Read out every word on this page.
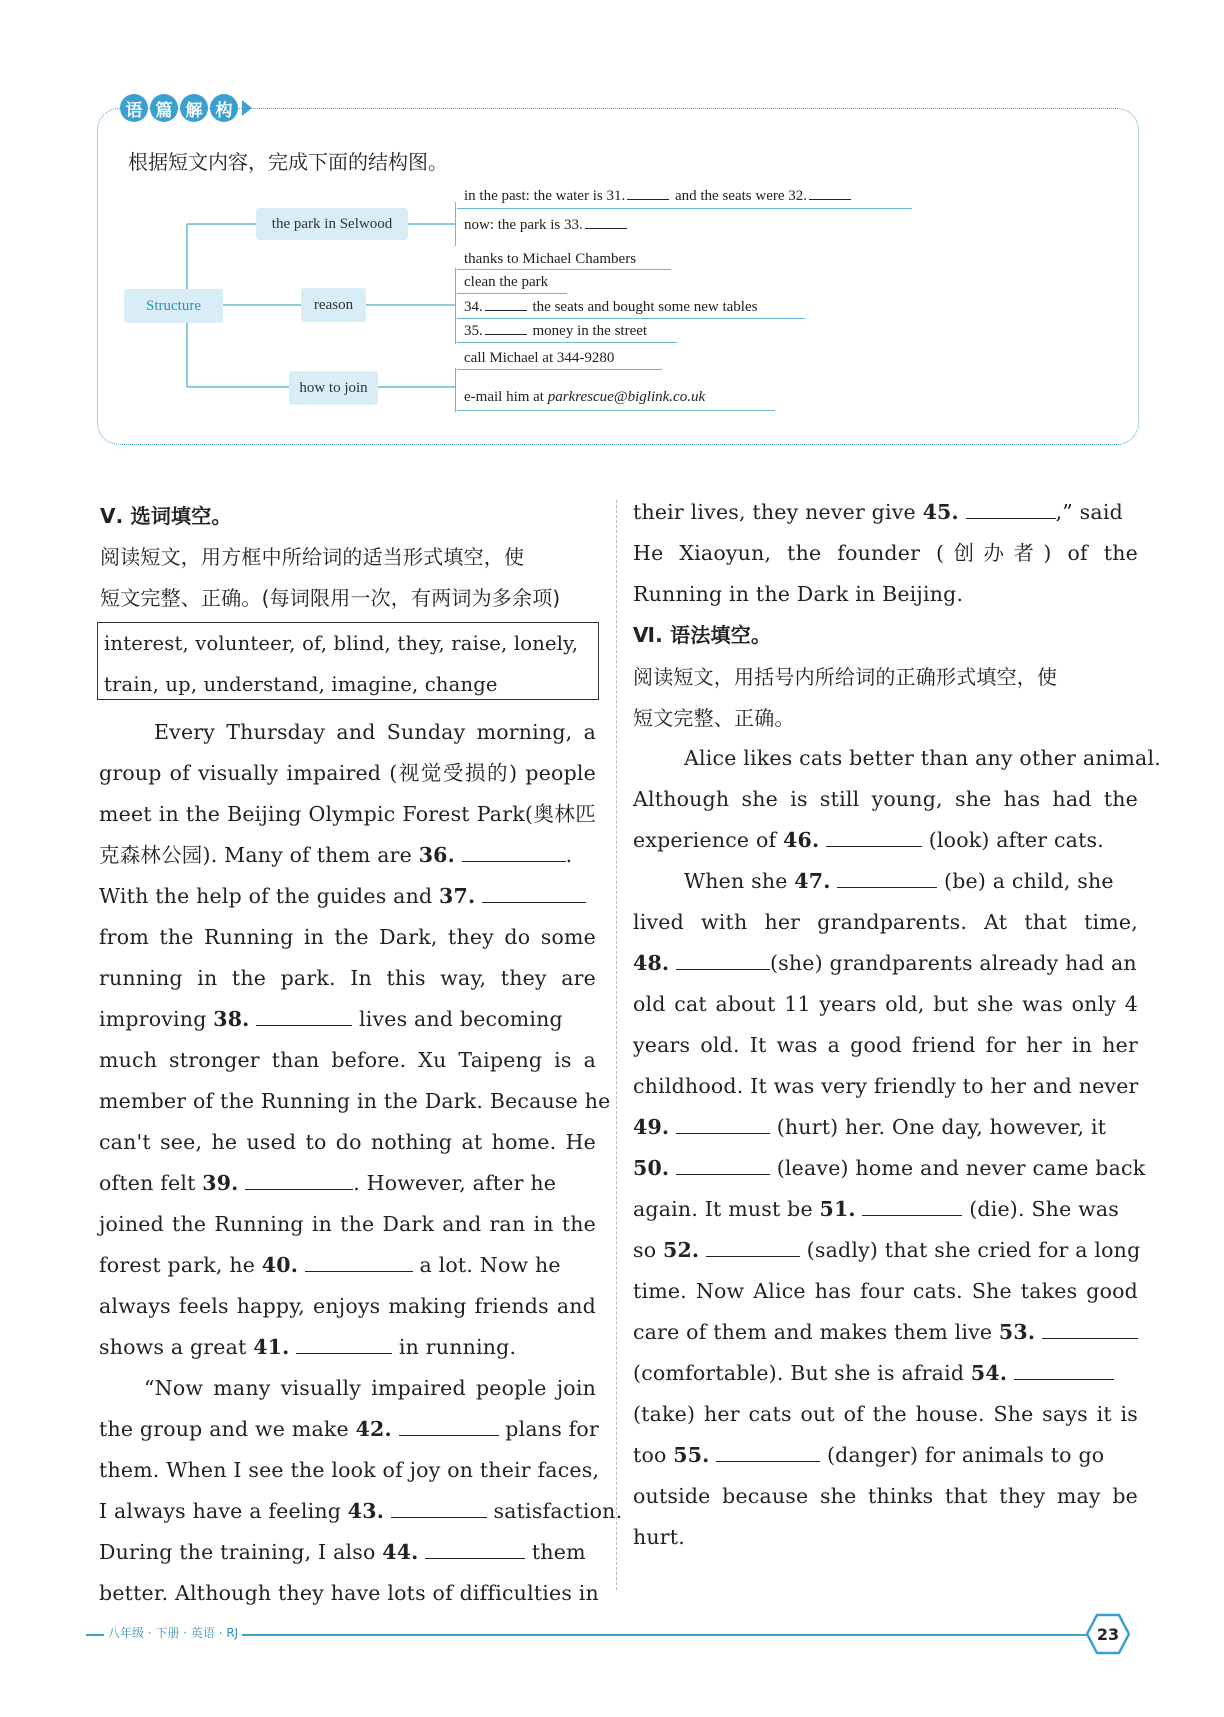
语 篇 解 构
根据短文内容，完成下面的结构图。
Structure
the park in Selwood
reason
how to join
in the past: the water is 31.	and the seats were 32.
now: the park is 33.
thanks to Michael Chambers
clean the park
34.	the seats and bought some new tables
35.	money in the street
call Michael at 344-9280
e-mail him at parkrescue@biglink.co.uk
Ⅴ. 选词填空。
阅读短文，用方框中所给词的适当形式填空，使
短文完整、正确。(每词限用一次，有两词为多余项)
interest, volunteer, of, blind, they, raise, lonely,
train, up, understand, imagine, change
Every Thursday and Sunday morning, a
group of visually impaired (视觉受损的) people
meet in the Beijing Olympic Forest Park(奥林匹
克森林公园). Many of them are 36.	.
With the help of the guides and 37.
from the Running in the Dark, they do some
running in the park. In this way, they are
improving 38.	lives and becoming
much stronger than before. Xu Taipeng is a
member of the Running in the Dark. Because he
can't see, he used to do nothing at home. He
often felt 39.	. However, after he
joined the Running in the Dark and ran in the
forest park, he 40.	a lot. Now he
always feels happy, enjoys making friends and
shows a great 41.	in running.
“Now many visually impaired people join
the group and we make 42.	plans for
them. When I see the look of joy on their faces,
I always have a feeling 43.	satisfaction.
During the training, I also 44.	them
better. Although they have lots of difficulties in
their lives, they never give 45.	,” said
He Xiaoyun, the founder (创办者) of the
Running in the Dark in Beijing.
Ⅵ. 语法填空。
阅读短文，用括号内所给词的正确形式填空，使
短文完整、正确。
Alice likes cats better than any other animal.
Although she is still young, she has had the
experience of 46.	(look) after cats.
When she 47.	(be) a child, she
lived with her grandparents. At that time,
48.	(she) grandparents already had an
old cat about 11 years old, but she was only 4
years old. It was a good friend for her in her
childhood. It was very friendly to her and never
49.	(hurt) her. One day, however, it
50.	(leave) home and never came back
again. It must be 51.	(die). She was
so 52.	(sadly) that she cried for a long
time. Now Alice has four cats. She takes good
care of them and makes them live 53.
(comfortable). But she is afraid 54.
(take) her cats out of the house. She says it is
too 55.	(danger) for animals to go
outside because she thinks that they may be
hurt.
八年级 · 下册 · 英语 · RJ	23
